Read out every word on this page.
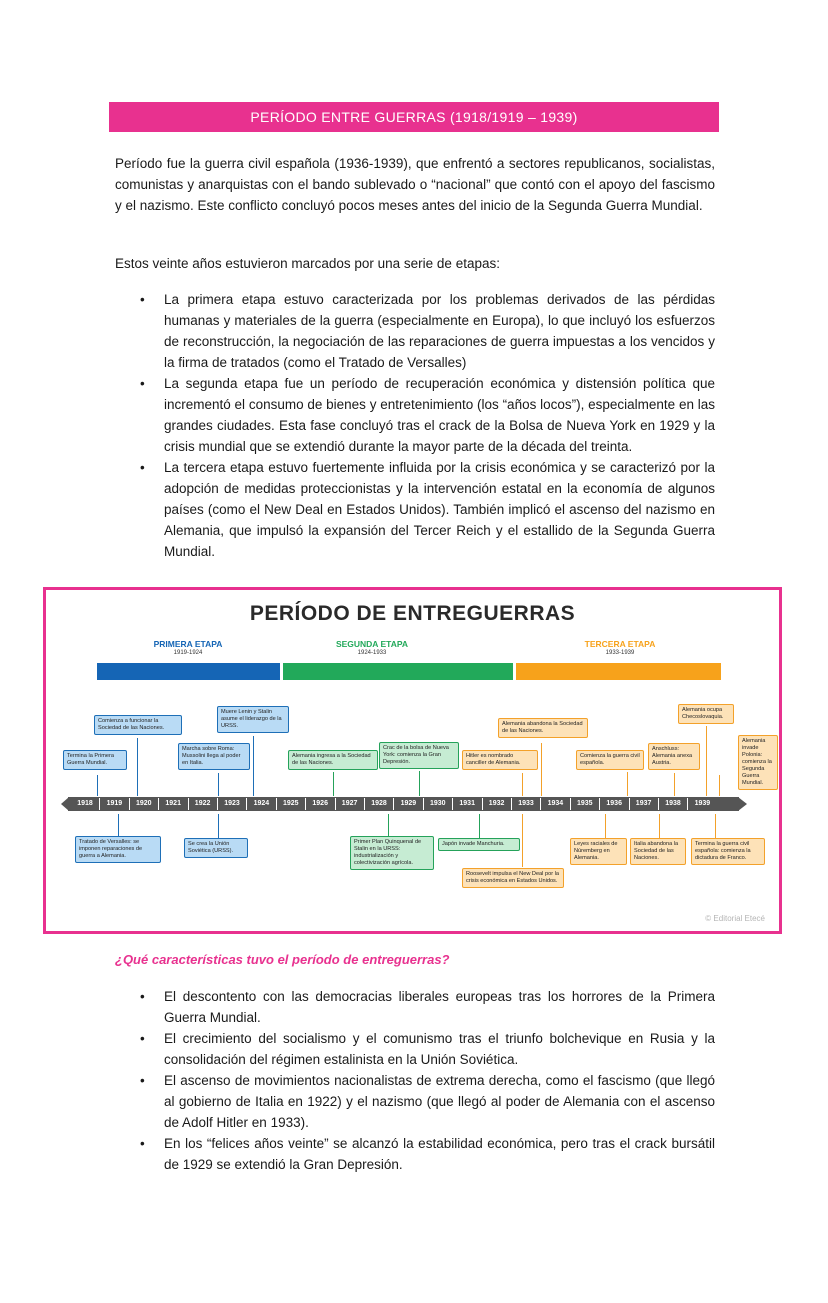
PERÍODO ENTRE GUERRAS (1918/1919 – 1939)

Período fue la guerra civil española (1936-1939), que enfrentó a sectores republicanos, socialistas, comunistas y anarquistas con el bando sublevado o “nacional” que contó con el apoyo del fascismo y el nazismo. Este conflicto concluyó pocos meses antes del inicio de la Segunda Guerra Mundial.

Estos veinte años estuvieron marcados por una serie de etapas:

• La primera etapa estuvo caracterizada por los problemas derivados de las pérdidas humanas y materiales de la guerra (especialmente en Europa), lo que incluyó los esfuerzos de reconstrucción, la negociación de las reparaciones de guerra impuestas a los vencidos y la firma de tratados (como el Tratado de Versalles)
• La segunda etapa fue un período de recuperación económica y distensión política que incrementó el consumo de bienes y entretenimiento (los “años locos”), especialmente en las grandes ciudades. Esta fase concluyó tras el crack de la Bolsa de Nueva York en 1929 y la crisis mundial que se extendió durante la mayor parte de la década del treinta.
• La tercera etapa estuvo fuertemente influida por la crisis económica y se caracterizó por la adopción de medidas proteccionistas y la intervención estatal en la economía de algunos países (como el New Deal en Estados Unidos). También implicó el ascenso del nazismo en Alemania, que impulsó la expansión del Tercer Reich y el estallido de la Segunda Guerra Mundial.
PERÍODO DE ENTREGUERRAS
PRIMERA ETAPA
1919-1924
SEGUNDA ETAPA
1924-1933
TERCERA ETAPA
1933-1939
1918	1919	1920	1921	1922	1923	1924	1925	1926	1927	1928	1929	1930	1931	1932	1933	1934	1935	1936	1937	1938	1939
Termina la Primera Guerra Mundial.
Comienza a funcionar la Sociedad de las Naciones.
Marcha sobre Roma: Mussolini llega al poder en Italia.
Muere Lenin y Stalin asume el liderazgo de la URSS.
Alemania ingresa a la Sociedad de las Naciones.
Crac de la bolsa de Nueva York: comienza la Gran Depresión.
Hitler es nombrado canciller de Alemania.
Alemania abandona la Sociedad de las Naciones.
Comienza la guerra civil española.
Anschluss: Alemania anexa Austria.
Alemania ocupa Checoslovaquia.
Alemania invade Polonia: comienza la Segunda Guerra Mundial.
Tratado de Versalles: se imponen reparaciones de guerra a Alemania.
Se crea la Unión Soviética (URSS).
Primer Plan Quinquenal de Stalin en la URSS: industrialización y colectivización agrícola.
Japón invade Manchuria.
Roosevelt impulsa el New Deal por la crisis económica en Estados Unidos.
Leyes raciales de Núremberg en Alemania.
Italia abandona la Sociedad de las Naciones.
Termina la guerra civil española: comienza la dictadura de Franco.
© Editorial Etecé

¿Qué características tuvo el período de entreguerras?

• El descontento con las democracias liberales europeas tras los horrores de la Primera Guerra Mundial.
• El crecimiento del socialismo y el comunismo tras el triunfo bolchevique en Rusia y la consolidación del régimen estalinista en la Unión Soviética.
• El ascenso de movimientos nacionalistas de extrema derecha, como el fascismo (que llegó al gobierno de Italia en 1922) y el nazismo (que llegó al poder de Alemania con el ascenso de Adolf Hitler en 1933).
• En los “felices años veinte” se alcanzó la estabilidad económica, pero tras el crack bursátil de 1929 se extendió la Gran Depresión.
